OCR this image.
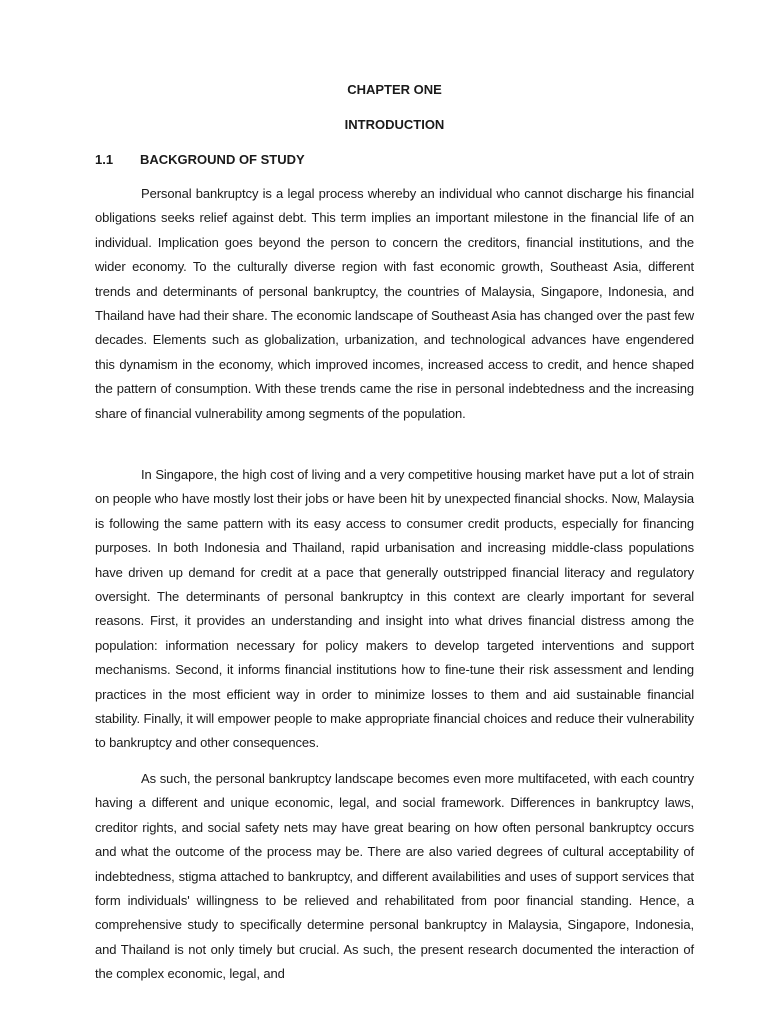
CHAPTER ONE
INTRODUCTION
1.1 BACKGROUND OF STUDY

Personal bankruptcy is a legal process whereby an individual who cannot discharge his financial obligations seeks relief against debt. This term implies an important milestone in the financial life of an individual. Implication goes beyond the person to concern the creditors, financial institutions, and the wider economy. To the culturally diverse region with fast economic growth, Southeast Asia, different trends and determinants of personal bankruptcy, the countries of Malaysia, Singapore, Indonesia, and Thailand have had their share. The economic landscape of Southeast Asia has changed over the past few decades. Elements such as globalization, urbanization, and technological advances have engendered this dynamism in the economy, which improved incomes, increased access to credit, and hence shaped the pattern of consumption. With these trends came the rise in personal indebtedness and the increasing share of financial vulnerability among segments of the population.

In Singapore, the high cost of living and a very competitive housing market have put a lot of strain on people who have mostly lost their jobs or have been hit by unexpected financial shocks. Now, Malaysia is following the same pattern with its easy access to consumer credit products, especially for financing purposes. In both Indonesia and Thailand, rapid urbanisation and increasing middle-class populations have driven up demand for credit at a pace that generally outstripped financial literacy and regulatory oversight. The determinants of personal bankruptcy in this context are clearly important for several reasons. First, it provides an understanding and insight into what drives financial distress among the population: information necessary for policy makers to develop targeted interventions and support mechanisms. Second, it informs financial institutions how to fine-tune their risk assessment and lending practices in the most efficient way in order to minimize losses to them and aid sustainable financial stability. Finally, it will empower people to make appropriate financial choices and reduce their vulnerability to bankruptcy and other consequences.

As such, the personal bankruptcy landscape becomes even more multifaceted, with each country having a different and unique economic, legal, and social framework. Differences in bankruptcy laws, creditor rights, and social safety nets may have great bearing on how often personal bankruptcy occurs and what the outcome of the process may be. There are also varied degrees of cultural acceptability of indebtedness, stigma attached to bankruptcy, and different availabilities and uses of support services that form individuals' willingness to be relieved and rehabilitated from poor financial standing. Hence, a comprehensive study to specifically determine personal bankruptcy in Malaysia, Singapore, Indonesia, and Thailand is not only timely but crucial. As such, the present research documented the interaction of the complex economic, legal, and
